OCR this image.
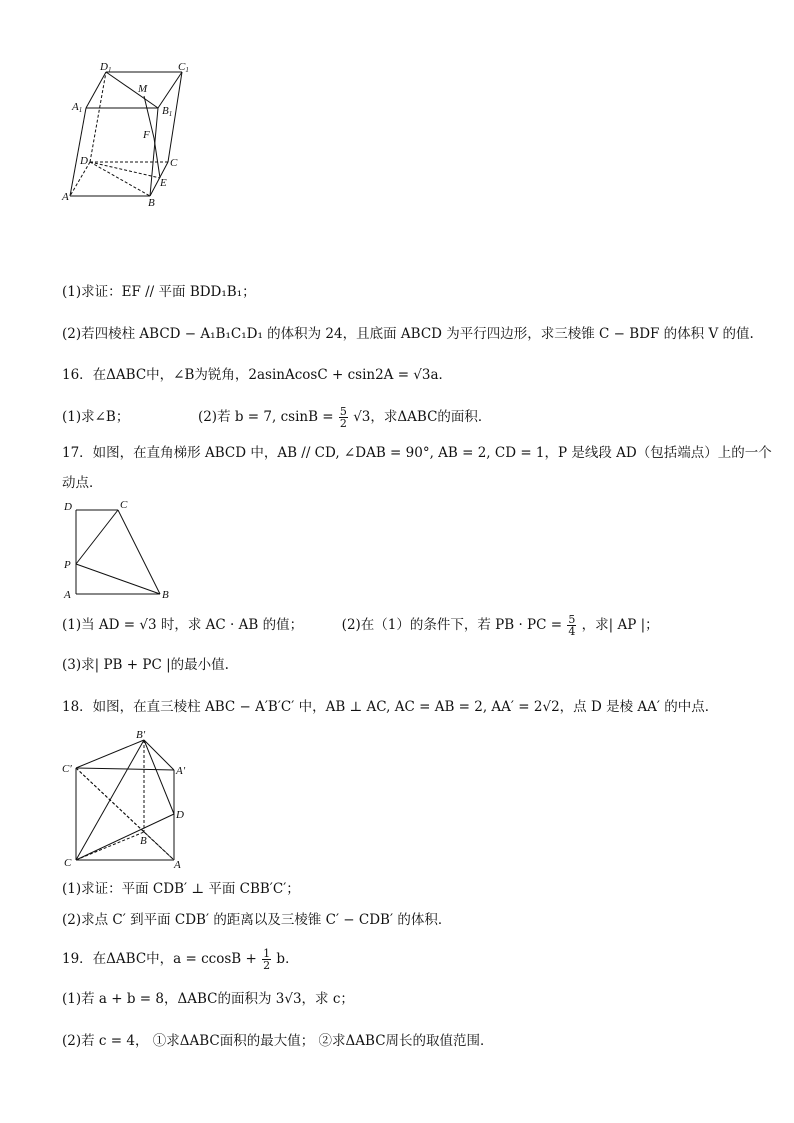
D1	C1
A1	B1
M
F
D	C
E
A	B
(1)求证：EF // 平面 BDD₁B₁；
(2)若四棱柱 ABCD − A₁B₁C₁D₁ 的体积为 24，且底面 ABCD 为平行四边形，求三棱锥 C − BDF 的体积 V 的值.
16．在ΔABC中，∠B为锐角，2asinAcosC + csin2A = √3a．
(1)求∠B；	(2)若 b = 7, $csinB = \frac{5}{2} √3$，求ΔABC的面积．
17．如图，在直角梯形 ABCD 中，AB // CD, ∠DAB = 90°, AB = 2, CD = 1，P 是线段 AD（包括端点）上的一个
动点．
D	C
P
A	B
(1)当 AD = √3 时，求 AC · AB 的值；	(2)在（1）的条件下，若 PB · PC = $\frac{5}{4}$ ，求| AP |；
(3)求| PB + PC |的最小值.
18．如图，在直三棱柱 ABC − A′B′C′ 中，AB ⊥ AC, AC = AB = 2, AA′ = 2√2，点 D 是棱 AA′ 的中点．
B′
C′	A′
D
B
C	A
(1)求证：平面 CDB′ ⊥ 平面 CBB′C′；
(2)求点 C′ 到平面 CDB′ 的距离以及三棱锥 C′ − CDB′ 的体积．
19．在ΔABC中，$a = ccosB + \frac{1}{2}$ b．
(1)若 a + b = 8，ΔABC的面积为 3√3，求 c；
(2)若 c = 4， ①求ΔABC面积的最大值； ②求ΔABC周长的取值范围．
